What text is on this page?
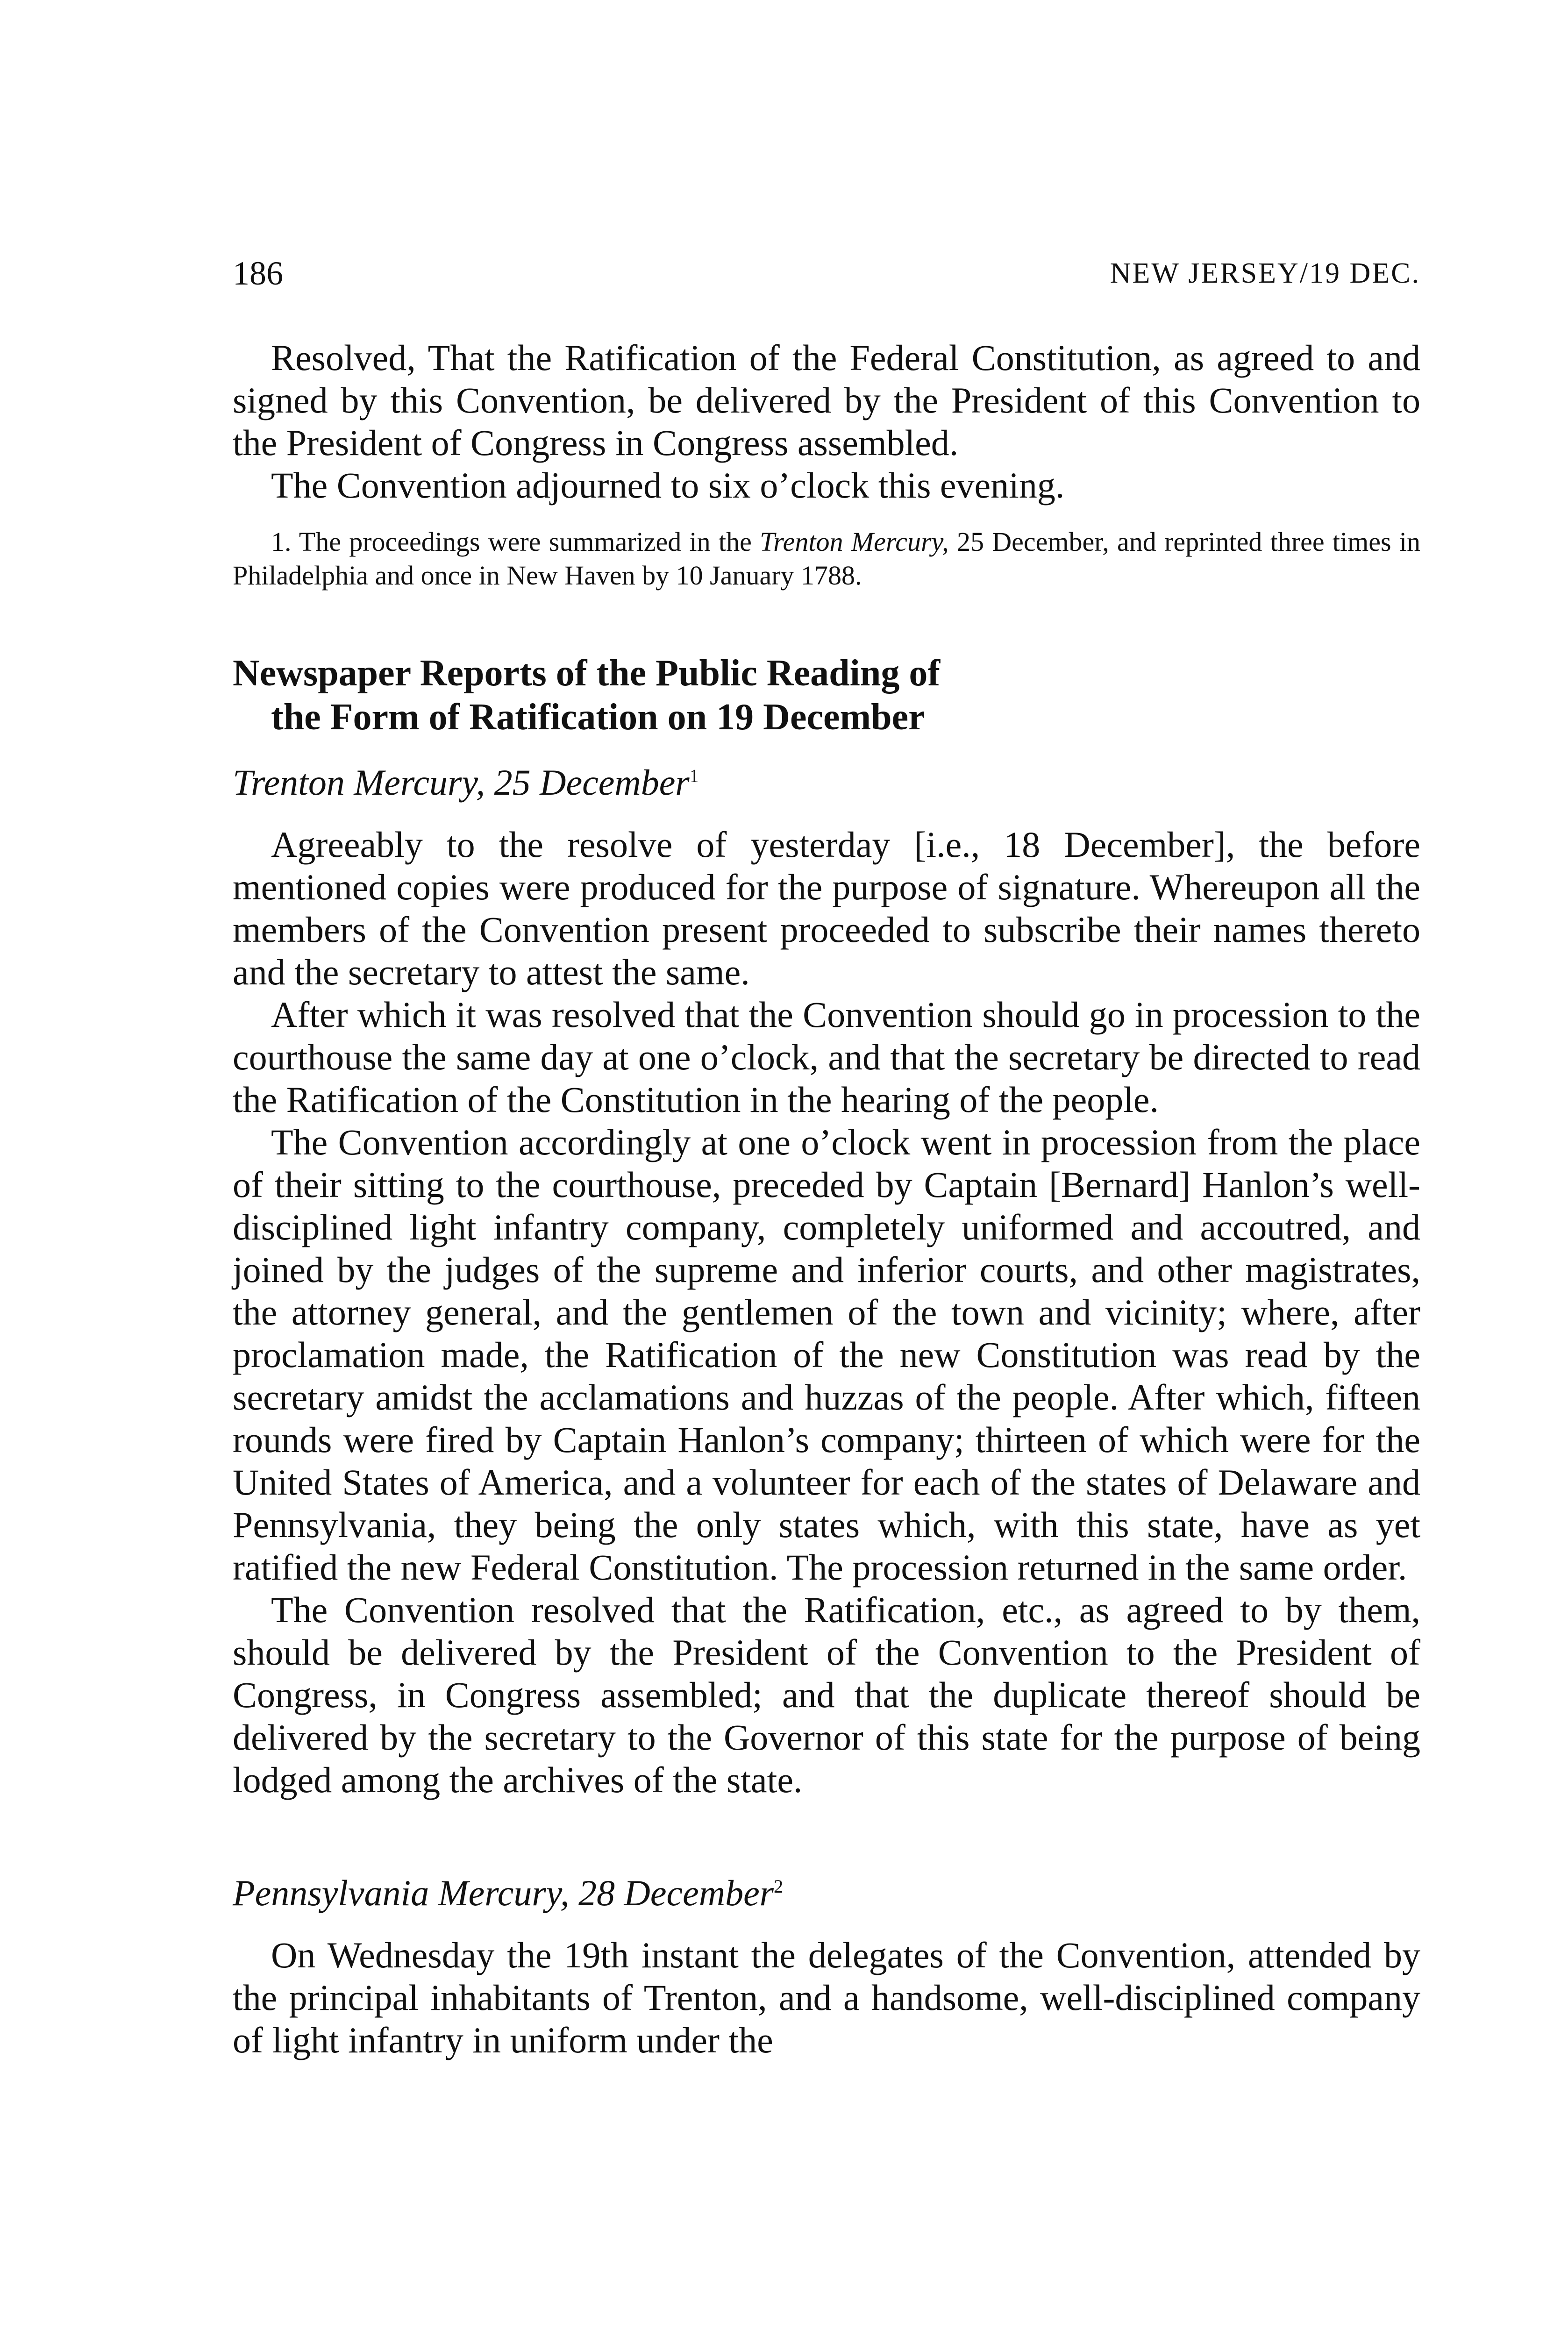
186	NEW JERSEY/19 DEC.

Resolved, That the Ratification of the Federal Constitution, as agreed to and signed by this Convention, be delivered by the President of this Convention to the President of Congress in Congress assembled.

The Convention adjourned to six o’clock this evening.

1. The proceedings were summarized in the Trenton Mercury, 25 December, and reprinted three times in Philadelphia and once in New Haven by 10 January 1788.

Newspaper Reports of the Public Reading of
the Form of Ratification on 19 December
Trenton Mercury, 25 December$^1$

Agreeably to the resolve of yesterday [i.e., 18 December], the before mentioned copies were produced for the purpose of signature. Whereupon all the members of the Convention present proceeded to subscribe their names thereto and the secretary to attest the same.

After which it was resolved that the Convention should go in procession to the courthouse the same day at one o’clock, and that the secretary be directed to read the Ratification of the Constitution in the hearing of the people.

The Convention accordingly at one o’clock went in procession from the place of their sitting to the courthouse, preceded by Captain [Bernard] Hanlon’s well-disciplined light infantry company, completely uniformed and accoutred, and joined by the judges of the supreme and inferior courts, and other magistrates, the attorney general, and the gentlemen of the town and vicinity; where, after proclamation made, the Ratification of the new Constitution was read by the secretary amidst the acclamations and huzzas of the people. After which, fifteen rounds were fired by Captain Hanlon’s company; thirteen of which were for the United States of America, and a volunteer for each of the states of Delaware and Pennsylvania, they being the only states which, with this state, have as yet ratified the new Federal Constitution. The procession returned in the same order.

The Convention resolved that the Ratification, etc., as agreed to by them, should be delivered by the President of the Convention to the President of Congress, in Congress assembled; and that the duplicate thereof should be delivered by the secretary to the Governor of this state for the purpose of being lodged among the archives of the state.

Pennsylvania Mercury, 28 December$^2$

On Wednesday the 19th instant the delegates of the Convention, attended by the principal inhabitants of Trenton, and a handsome, well-disciplined company of light infantry in uniform under the
